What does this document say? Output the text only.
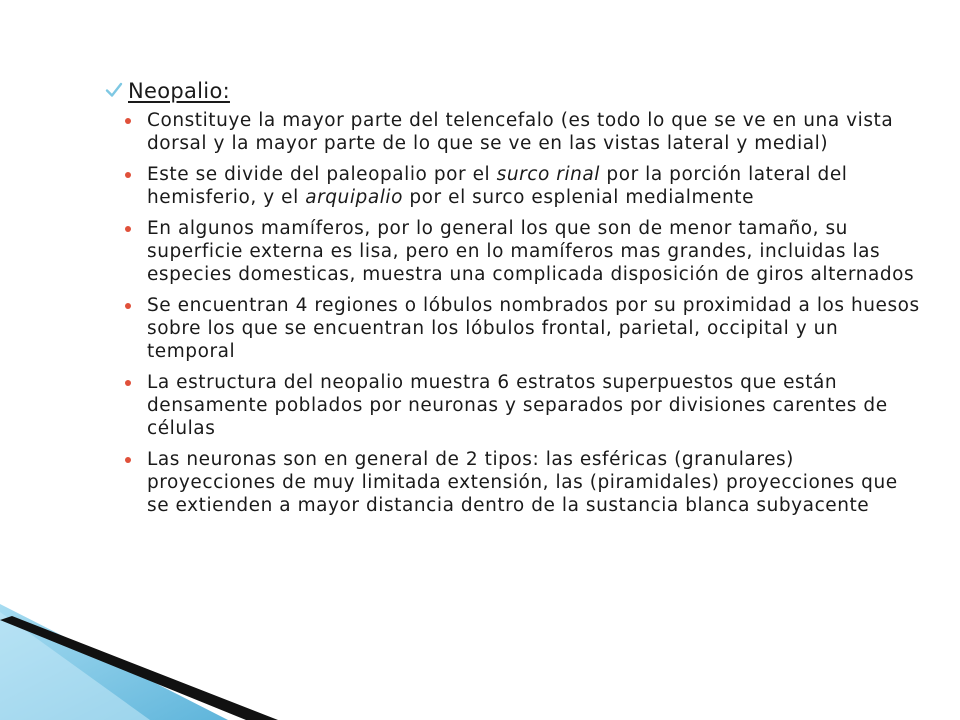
Neopalio:
Constituye la mayor parte del telencefalo (es todo lo que se ve en una vista dorsal y la mayor parte de lo que se ve en las vistas lateral y medial)
Este se divide del paleopalio por el surco rinal por la porción lateral del hemisferio, y el arquipalio por el surco esplenial medialmente
En algunos mamíferos, por lo general los que son de menor tamaño, su superficie externa es lisa, pero en lo mamíferos mas grandes, incluidas las especies domesticas, muestra una complicada disposición de giros alternados
Se encuentran 4 regiones o lóbulos nombrados por su proximidad a los huesos sobre los que se encuentran los lóbulos frontal, parietal, occipital y un temporal
La estructura del neopalio muestra 6 estratos superpuestos que están densamente poblados por neuronas y separados por divisiones carentes de células
Las neuronas son en general de 2 tipos: las esféricas (granulares) proyecciones de muy limitada extensión, las (piramidales) proyecciones que se extienden a mayor distancia dentro de la sustancia blanca subyacente
